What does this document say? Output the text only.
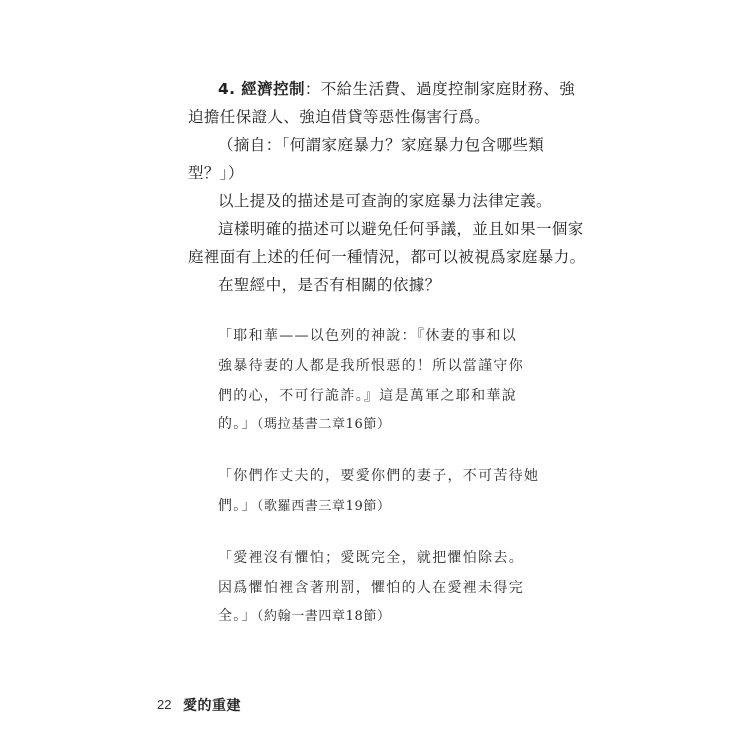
4. 經濟控制：不給生活費、過度控制家庭財務、強
迫擔任保證人、強迫借貸等惡性傷害行爲。
（摘自：「何謂家庭暴力？家庭暴力包含哪些類
型？」）
以上提及的描述是可查詢的家庭暴力法律定義。
這樣明確的描述可以避免任何爭議，並且如果一個家
庭裡面有上述的任何一種情況，都可以被視爲家庭暴力。
在聖經中，是否有相關的依據？
「耶和華——以色列的神說：『休妻的事和以
強暴待妻的人都是我所恨惡的！所以當謹守你
們的心，不可行詭詐。』這是萬軍之耶和華說
的。」（瑪拉基書二章16節）
「你們作丈夫的，要愛你們的妻子，不可苦待她
們。」（歌羅西書三章19節）
「愛裡沒有懼怕；愛既完全，就把懼怕除去。
因爲懼怕裡含著刑罰，懼怕的人在愛裡未得完
全。」（約翰一書四章18節）
22 愛的重建
